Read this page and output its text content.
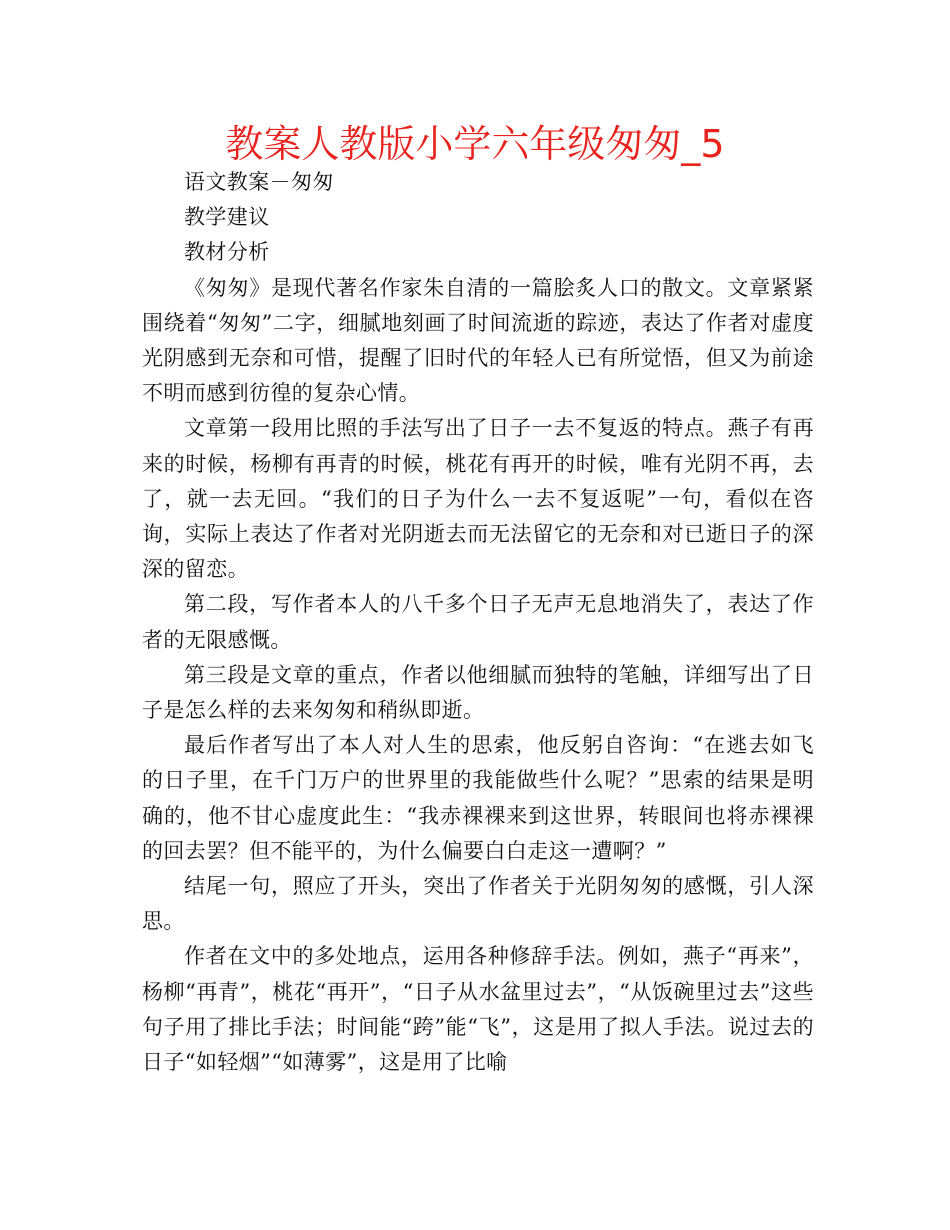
教案人教版小学六年级匆匆_5

语文教案－匆匆

教学建议

教材分析

《匆匆》是现代著名作家朱自清的一篇脍炙人口的散文。文章紧紧围绕着“匆匆”二字，细腻地刻画了时间流逝的踪迹，表达了作者对虚度光阴感到无奈和可惜，提醒了旧时代的年轻人已有所觉悟，但又为前途不明而感到彷徨的复杂心情。

文章第一段用比照的手法写出了日子一去不复返的特点。燕子有再来的时候，杨柳有再青的时候，桃花有再开的时候，唯有光阴不再，去了，就一去无回。“我们的日子为什么一去不复返呢”一句，看似在咨询，实际上表达了作者对光阴逝去而无法留它的无奈和对已逝日子的深深的留恋。

第二段，写作者本人的八千多个日子无声无息地消失了，表达了作者的无限感慨。

第三段是文章的重点，作者以他细腻而独特的笔触，详细写出了日子是怎么样的去来匆匆和稍纵即逝。

最后作者写出了本人对人生的思索，他反躬自咨询：“在逃去如飞的日子里，在千门万户的世界里的我能做些什么呢？”思索的结果是明确的，他不甘心虚度此生：“我赤裸裸来到这世界，转眼间也将赤裸裸的回去罢？但不能平的，为什么偏要白白走这一遭啊？”

结尾一句，照应了开头，突出了作者关于光阴匆匆的感慨，引人深思。

作者在文中的多处地点，运用各种修辞手法。例如，燕子“再来”，杨柳“再青”，桃花“再开”，“日子从水盆里过去”，“从饭碗里过去”这些句子用了排比手法；时间能“跨”能“飞”，这是用了拟人手法。说过去的日子“如轻烟”“如薄雾”，这是用了比喻
